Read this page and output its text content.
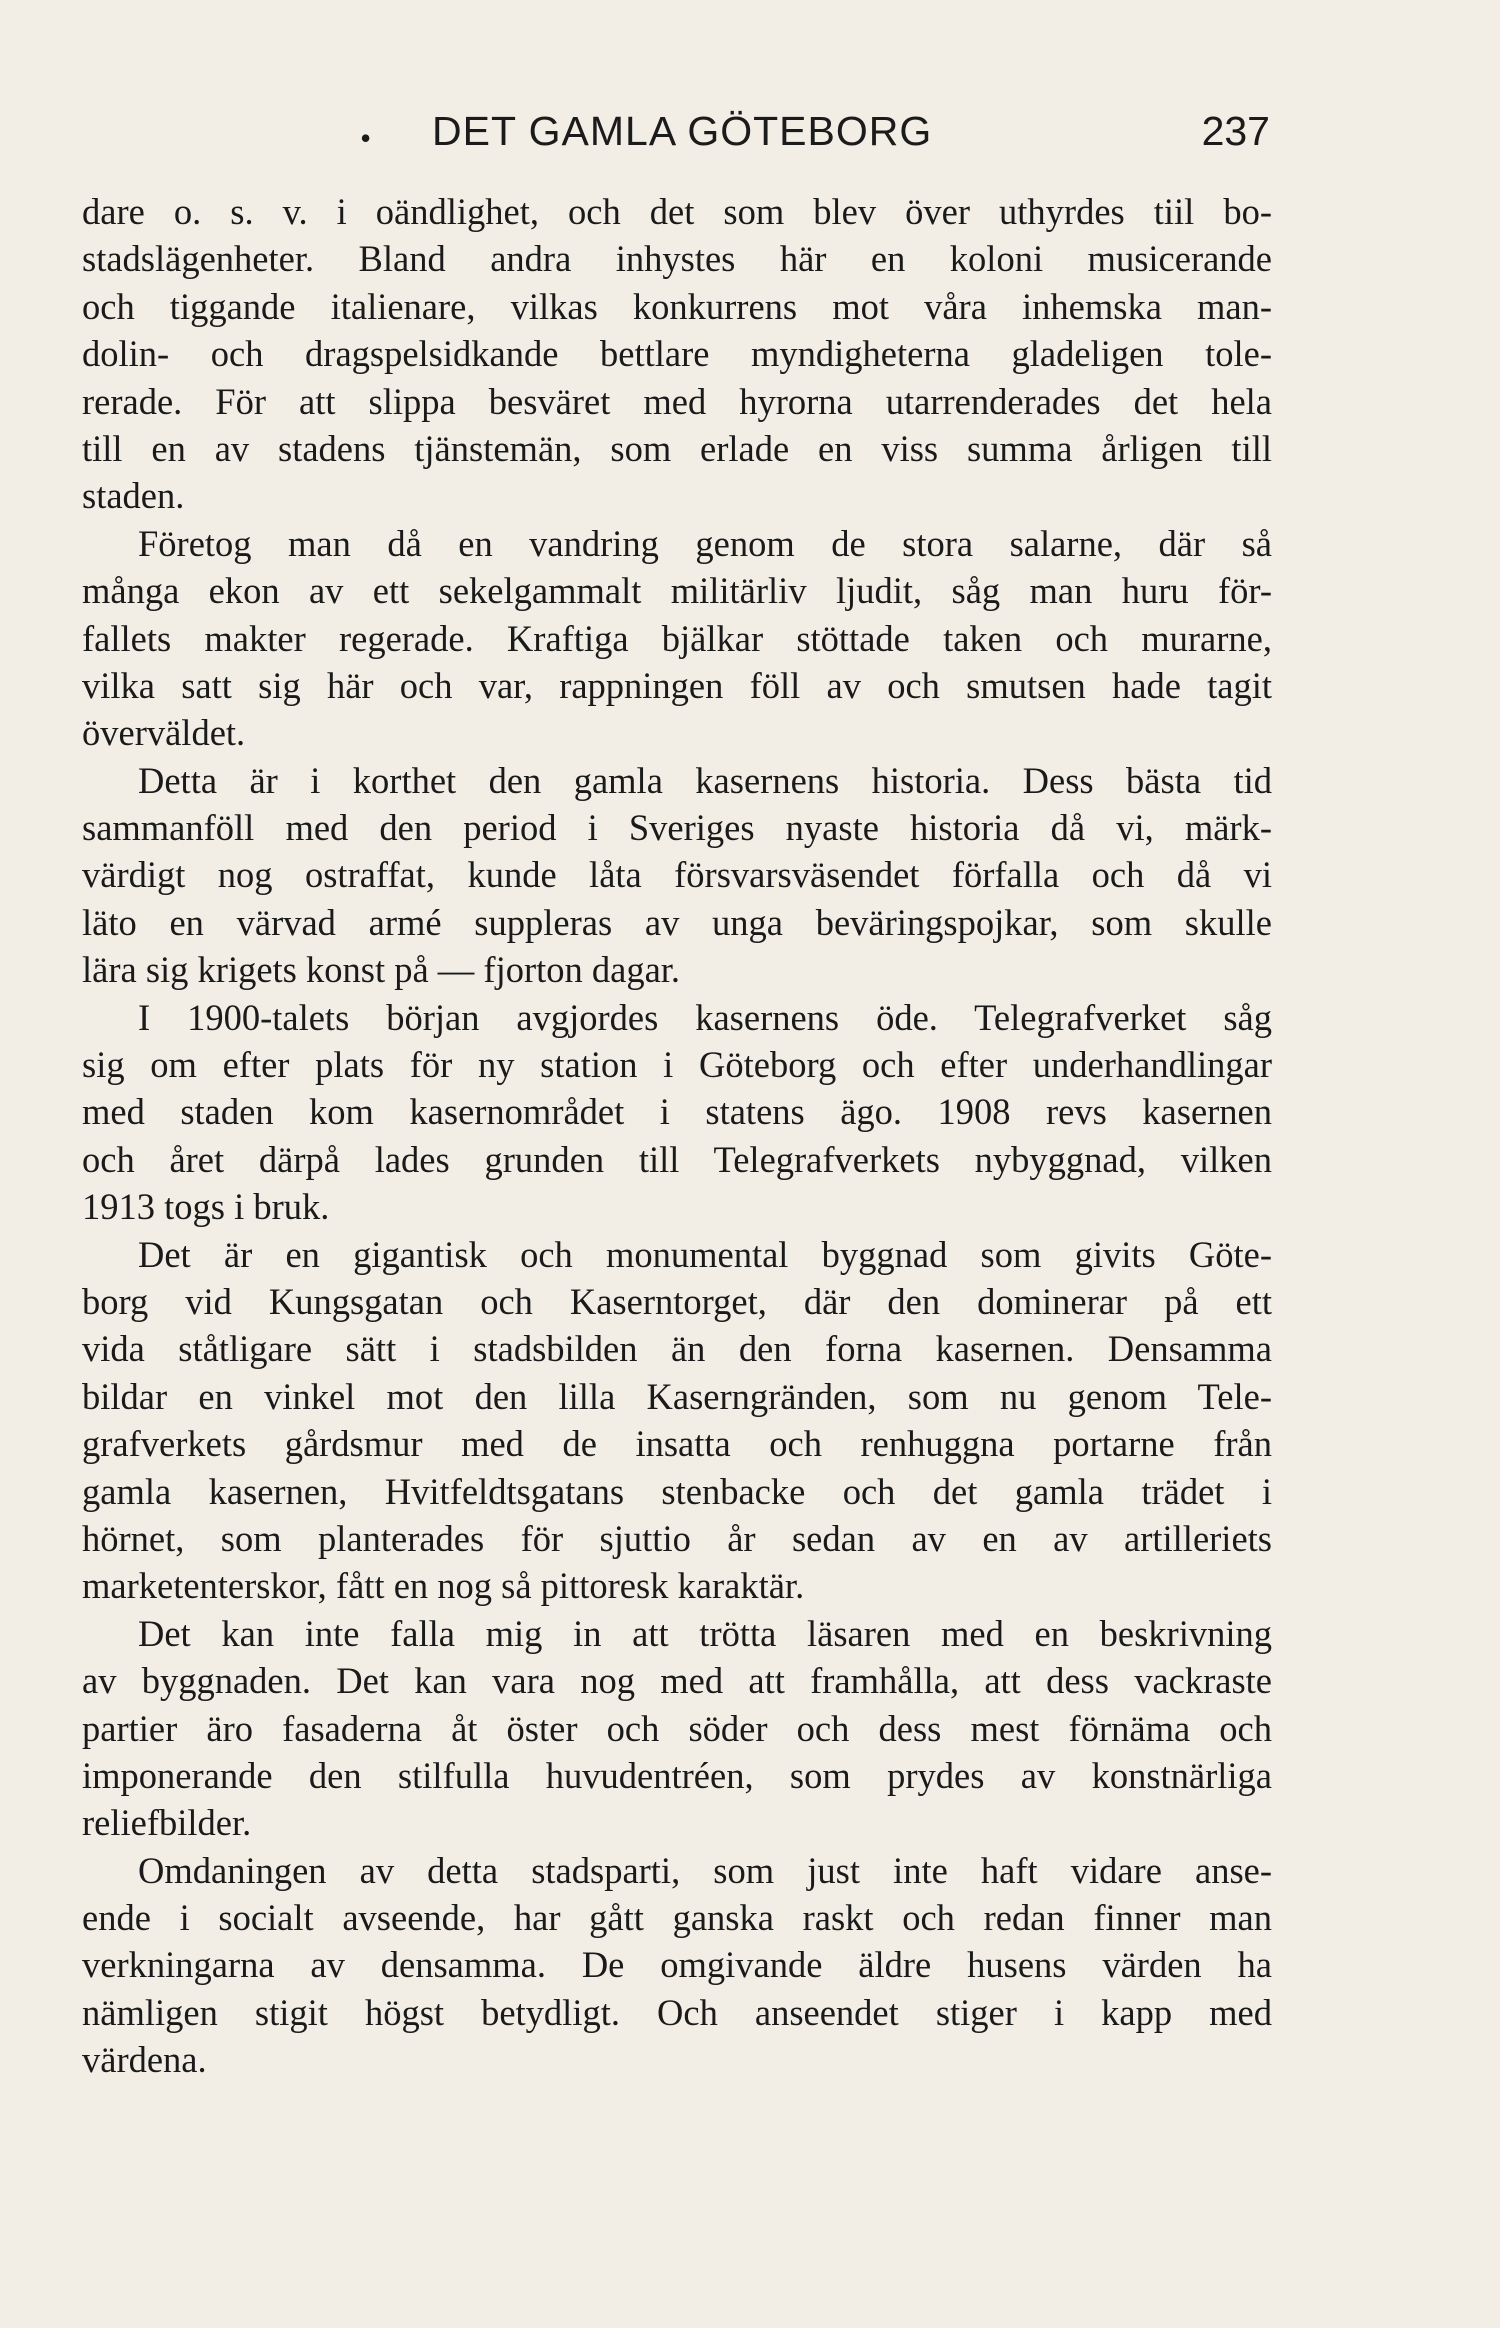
• DET GAMLA GÖTEBORG	237
dare o. s. v. i oändlighet, och det som blev över uthyrdes tiil bo-
stadslägenheter. Bland andra inhystes här en koloni musicerande
och tiggande italienare, vilkas konkurrens mot våra inhemska man-
dolin- och dragspelsidkande bettlare myndigheterna gladeligen tole-
rerade. För att slippa besväret med hyrorna utarrenderades det hela
till en av stadens tjänstemän, som erlade en viss summa årligen till
staden.
Företog man då en vandring genom de stora salarne, där så
många ekon av ett sekelgammalt militärliv ljudit, såg man huru för-
fallets makter regerade. Kraftiga bjälkar stöttade taken och murarne,
vilka satt sig här och var, rappningen föll av och smutsen hade tagit
överväldet.
Detta är i korthet den gamla kasernens historia. Dess bästa tid
sammanföll med den period i Sveriges nyaste historia då vi, märk-
värdigt nog ostraffat, kunde låta försvarsväsendet förfalla och då vi
läto en värvad armé suppleras av unga beväringspojkar, som skulle
lära sig krigets konst på — fjorton dagar.
I 1900-talets början avgjordes kasernens öde. Telegrafverket såg
sig om efter plats för ny station i Göteborg och efter underhandlingar
med staden kom kasernområdet i statens ägo. 1908 revs kasernen
och året därpå lades grunden till Telegrafverkets nybyggnad, vilken
1913 togs i bruk.
Det är en gigantisk och monumental byggnad som givits Göte-
borg vid Kungsgatan och Kaserntorget, där den dominerar på ett
vida ståtligare sätt i stadsbilden än den forna kasernen. Densamma
bildar en vinkel mot den lilla Kaserngränden, som nu genom Tele-
grafverkets gårdsmur med de insatta och renhuggna portarne från
gamla kasernen, Hvitfeldtsgatans stenbacke och det gamla trädet i
hörnet, som planterades för sjuttio år sedan av en av artilleriets
marketenterskor, fått en nog så pittoresk karaktär.
Det kan inte falla mig in att trötta läsaren med en beskrivning
av byggnaden. Det kan vara nog med att framhålla, att dess vackraste
partier äro fasaderna åt öster och söder och dess mest förnäma och
imponerande den stilfulla huvudentréen, som prydes av konstnärliga
reliefbilder.
Omdaningen av detta stadsparti, som just inte haft vidare anse-
ende i socialt avseende, har gått ganska raskt och redan finner man
verkningarna av densamma. De omgivande äldre husens värden ha
nämligen stigit högst betydligt. Och anseendet stiger i kapp med
värdena.
